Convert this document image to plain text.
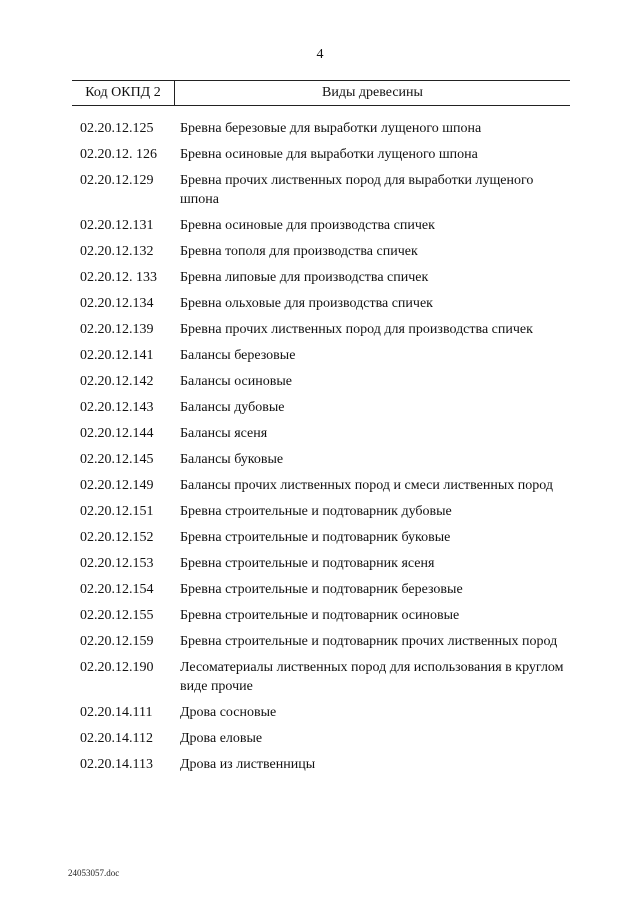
4
Код ОКПД 2	Виды древесины
02.20.12.125	Бревна березовые для выработки лущеного шпона
02.20.12. 126	Бревна осиновые для выработки лущеного шпона
02.20.12.129	Бревна прочих лиственных пород для выработки лущеного шпона
02.20.12.131	Бревна осиновые для производства спичек
02.20.12.132	Бревна тополя для производства спичек
02.20.12. 133	Бревна липовые для производства спичек
02.20.12.134	Бревна ольховые для производства спичек
02.20.12.139	Бревна прочих лиственных пород для производства спичек
02.20.12.141	Балансы березовые
02.20.12.142	Балансы осиновые
02.20.12.143	Балансы дубовые
02.20.12.144	Балансы ясеня
02.20.12.145	Балансы буковые
02.20.12.149	Балансы прочих лиственных пород и смеси лиственных пород
02.20.12.151	Бревна строительные и подтоварник дубовые
02.20.12.152	Бревна строительные и подтоварник буковые
02.20.12.153	Бревна строительные и подтоварник ясеня
02.20.12.154	Бревна строительные и подтоварник березовые
02.20.12.155	Бревна строительные и подтоварник осиновые
02.20.12.159	Бревна строительные и подтоварник прочих лиственных пород
02.20.12.190	Лесоматериалы лиственных пород для использования в круглом виде прочие
02.20.14.111	Дрова сосновые
02.20.14.112	Дрова еловые
02.20.14.113	Дрова из лиственницы
24053057.doc
